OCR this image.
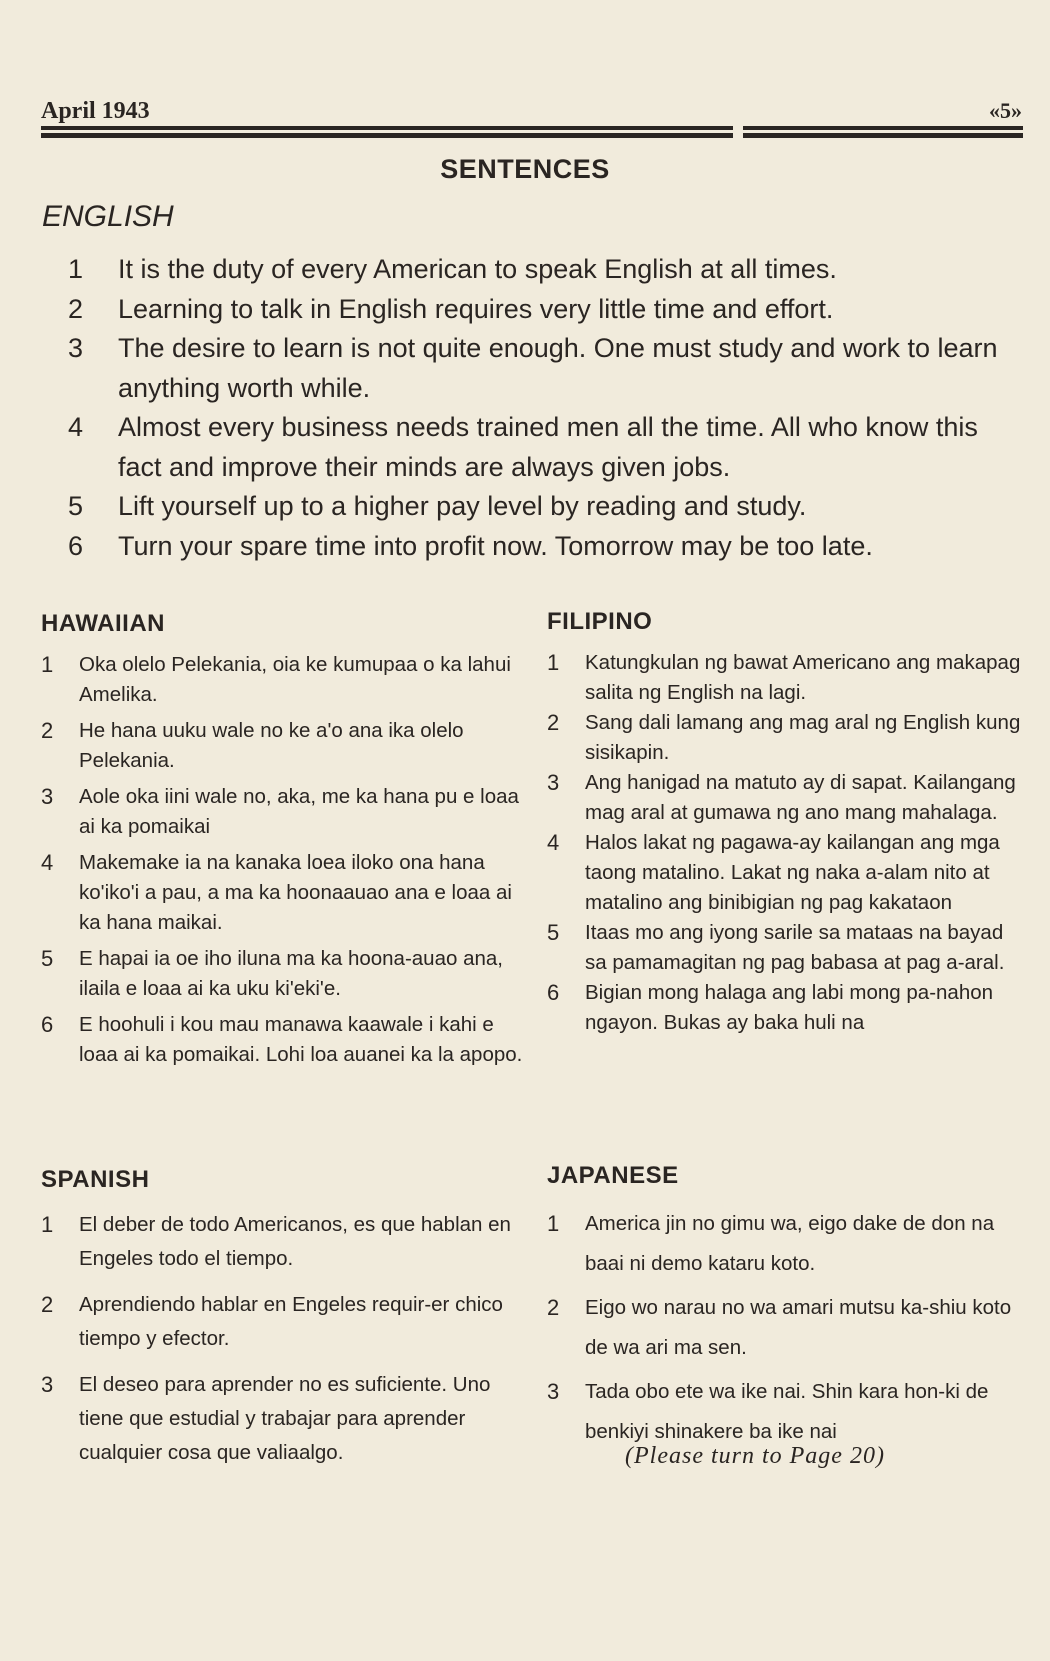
April 1943	«5»
SENTENCES
ENGLISH
1 It is the duty of every American to speak English at all times.
2 Learning to talk in English requires very little time and effort.
3 The desire to learn is not quite enough. One must study and work to learn anything worth while.
4 Almost every business needs trained men all the time. All who know this fact and improve their minds are always given jobs.
5 Lift yourself up to a higher pay level by reading and study.
6 Turn your spare time into profit now. Tomorrow may be too late.
HAWAIIAN
1 Oka olelo Pelekania, oia ke kumupaa o ka lahui Amelika.
2 He hana uuku wale no ke a'o ana ika olelo Pelekania.
3 Aole oka iini wale no, aka, me ka hana pu e loaa ai ka pomaikai
4 Makemake ia na kanaka loea iloko ona hana ko'iko'i a pau, a ma ka hoonaauao ana e loaa ai ka hana maikai.
5 E hapai ia oe iho iluna ma ka hoona-auao ana, ilaila e loaa ai ka uku ki'eki'e.
6 E hoohuli i kou mau manawa kaawale i kahi e loaa ai ka pomaikai. Lohi loa auanei ka la apopo.
FILIPINO
1 Katungkulan ng bawat Americano ang makapag salita ng English na lagi.
2 Sang dali lamang ang mag aral ng English kung sisikapin.
3 Ang hanigad na matuto ay di sapat. Kailangang mag aral at gumawa ng ano mang mahalaga.
4 Halos lakat ng pagawa-ay kailangan ang mga taong matalino. Lakat ng naka a-alam nito at matalino ang binibigian ng pag kakataon
5 Itaas mo ang iyong sarile sa mataas na bayad sa pamamagitan ng pag babasa at pag a-aral.
6 Bigian mong halaga ang labi mong pa-nahon ngayon. Bukas ay baka huli na
SPANISH
1 El deber de todo Americanos, es que hablan en Engeles todo el tiempo.
2 Aprendiendo hablar en Engeles requir-er chico tiempo y efector.
3 El deseo para aprender no es suficiente. Uno tiene que estudial y trabajar para aprender cualquier cosa que valiaalgo.
JAPANESE
1 America jin no gimu wa, eigo dake de don na baai ni demo kataru koto.
2 Eigo wo narau no wa amari mutsu ka-shiu koto de wa ari ma sen.
3 Tada obo ete wa ike nai. Shin kara hon-ki de benkiyi shinakere ba ike nai
(Please turn to Page 20)
